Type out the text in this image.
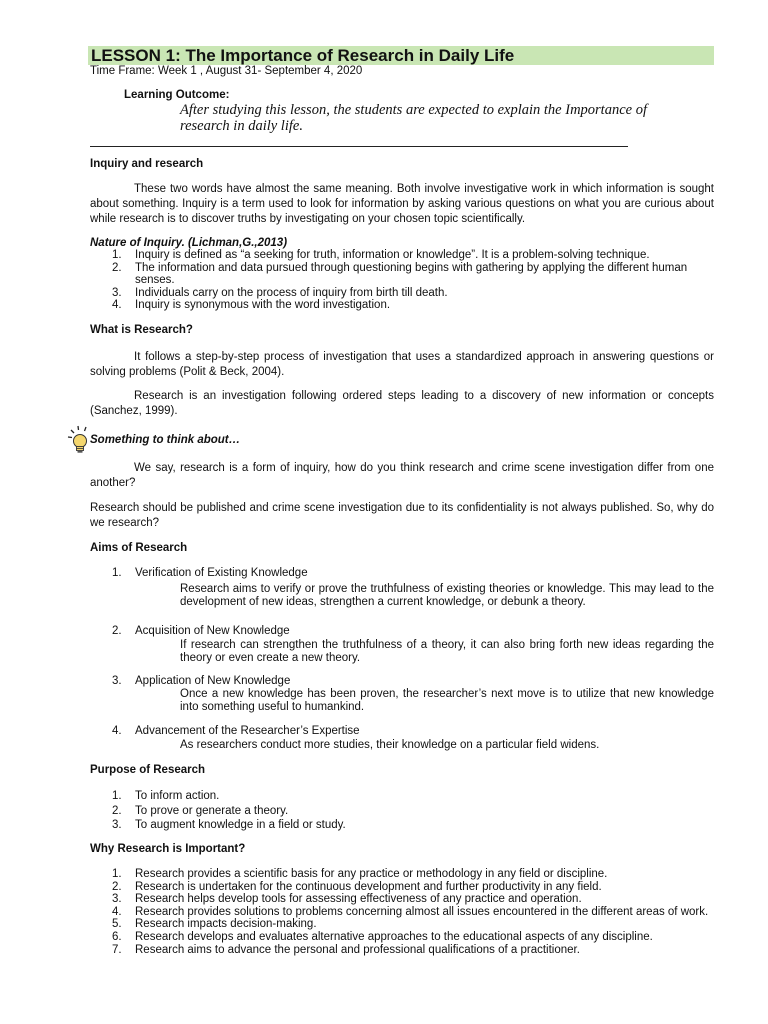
LESSON 1: The Importance of Research in Daily Life
Time Frame: Week 1 , August 31- September 4, 2020
Learning Outcome:
After studying this lesson, the students are expected to explain the Importance of
research in daily life.
Inquiry and research
These two words have almost the same meaning. Both involve investigative work in which information is sought about something. Inquiry is a term used to look for information by asking various questions on what you are curious about while research is to discover truths by investigating on your chosen topic scientifically.
Nature of Inquiry. (Lichman,G.,2013)
1. Inquiry is defined as “a seeking for truth, information or knowledge”. It is a problem-solving technique.
2. The information and data pursued through questioning begins with gathering by applying the different human senses.
3. Individuals carry on the process of inquiry from birth till death.
4. Inquiry is synonymous with the word investigation.
What is Research?
It follows a step-by-step process of investigation that uses a standardized approach in answering questions or solving problems (Polit & Beck, 2004).
Research is an investigation following ordered steps leading to a discovery of new information or concepts (Sanchez, 1999).
Something to think about…
We say, research is a form of inquiry, how do you think research and crime scene investigation differ from one another?
Research should be published and crime scene investigation due to its confidentiality is not always published. So, why do we research?
Aims of Research
1. Verification of Existing Knowledge
Research aims to verify or prove the truthfulness of existing theories or knowledge. This may lead to the development of new ideas, strengthen a current knowledge, or debunk a theory.
2. Acquisition of New Knowledge
If research can strengthen the truthfulness of a theory, it can also bring forth new ideas regarding the theory or even create a new theory.
3. Application of New Knowledge
Once a new knowledge has been proven, the researcher’s next move is to utilize that new knowledge into something useful to humankind.
4. Advancement of the Researcher’s Expertise
As researchers conduct more studies, their knowledge on a particular field widens.
Purpose of Research
1. To inform action.
2. To prove or generate a theory.
3. To augment knowledge in a field or study.
Why Research is Important?
1. Research provides a scientific basis for any practice or methodology in any field or discipline.
2. Research is undertaken for the continuous development and further productivity in any field.
3. Research helps develop tools for assessing effectiveness of any practice and operation.
4. Research provides solutions to problems concerning almost all issues encountered in the different areas of work.
5. Research impacts decision-making.
6. Research develops and evaluates alternative approaches to the educational aspects of any discipline.
7. Research aims to advance the personal and professional qualifications of a practitioner.
